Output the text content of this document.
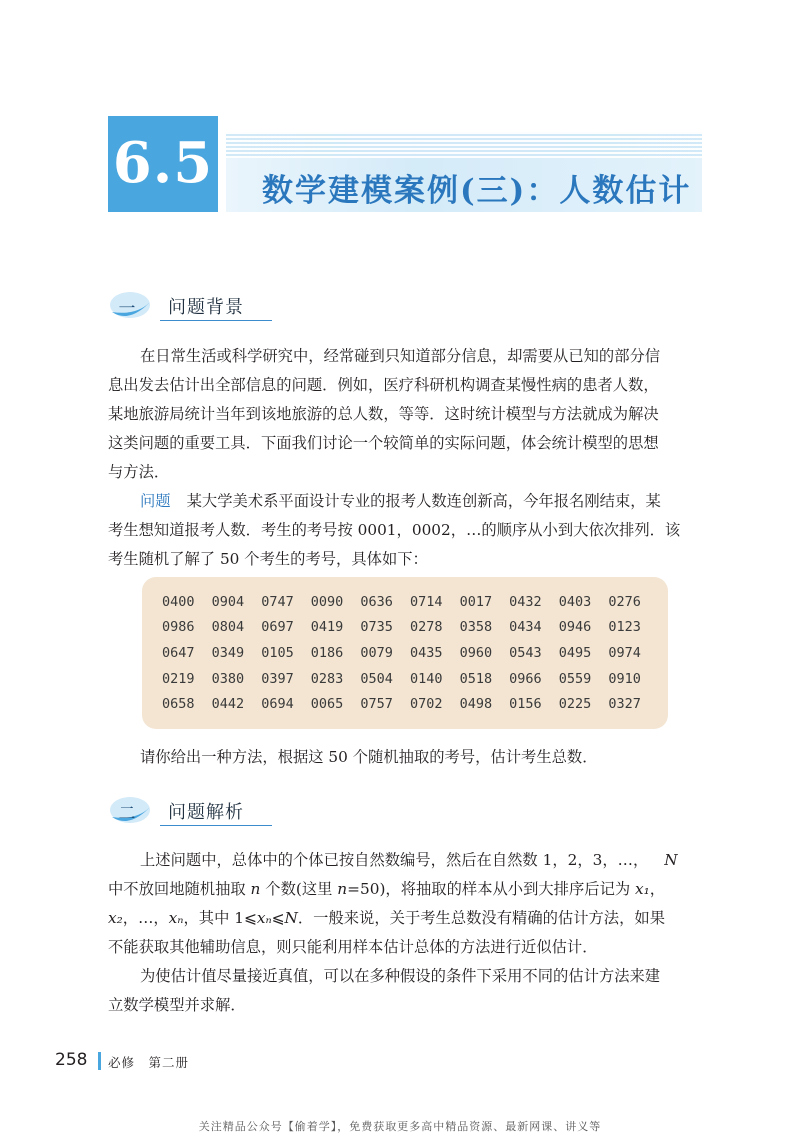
6.5 数学建模案例(三)：人数估计
一	问题背景
在日常生活或科学研究中，经常碰到只知道部分信息，却需要从已知的部分信
息出发去估计出全部信息的问题．例如，医疗科研机构调查某慢性病的患者人数，
某地旅游局统计当年到该地旅游的总人数，等等．这时统计模型与方法就成为解决
这类问题的重要工具．下面我们讨论一个较简单的实际问题，体会统计模型的思想
与方法．
问题 某大学美术系平面设计专业的报考人数连创新高，今年报名刚结束，某
考生想知道报考人数．考生的考号按 0001，0002，…的顺序从小到大依次排列．该
考生随机了解了 50 个考生的考号，具体如下：
0400	0904	0747	0090	0636	0714	0017	0432	0403	0276
0986	0804	0697	0419	0735	0278	0358	0434	0946	0123
0647	0349	0105	0186	0079	0435	0960	0543	0495	0974
0219	0380	0397	0283	0504	0140	0518	0966	0559	0910
0658	0442	0694	0065	0757	0702	0498	0156	0225	0327
请你给出一种方法，根据这 50 个随机抽取的考号，估计考生总数．
二	问题解析
上述问题中，总体中的个体已按自然数编号，然后在自然数 1，2，3，…， N
中不放回地随机抽取 n 个数(这里 n=50)，将抽取的样本从小到大排序后记为 x₁，
x₂，…，xₙ，其中 1⩽xₙ⩽N．一般来说，关于考生总数没有精确的估计方法，如果
不能获取其他辅助信息，则只能利用样本估计总体的方法进行近似估计．
为使估计值尽量接近真值，可以在多种假设的条件下采用不同的估计方法来建
立数学模型并求解．
258 必修　第二册
关注精品公众号【偷着学】，免费获取更多高中精品资源、最新网课、讲义等
